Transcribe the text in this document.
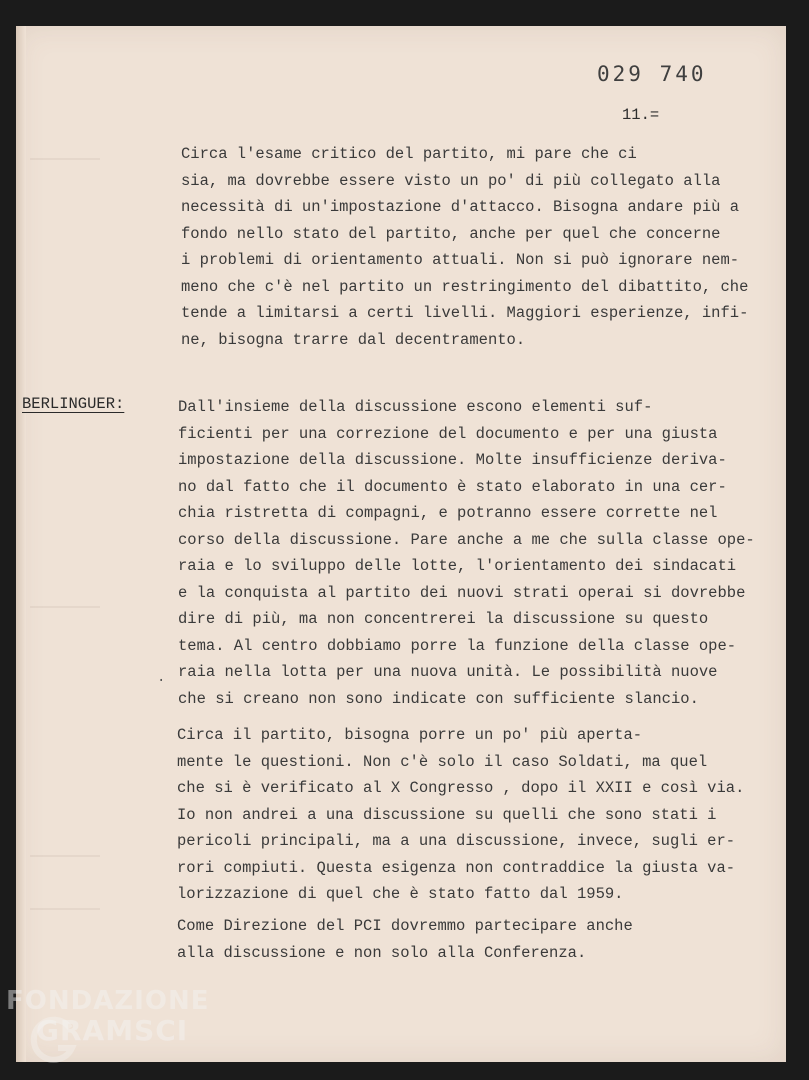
029 740
11.=

Circa l'esame critico del partito, mi pare che ci
sia, ma dovrebbe essere visto un po' di più collegato alla
necessità di un'impostazione d'attacco. Bisogna andare più a
fondo nello stato del partito, anche per quel che concerne
i problemi di orientamento attuali. Non si può ignorare nem-
meno che c'è nel partito un restringimento del dibattito, che
tende a limitarsi a certi livelli. Maggiori esperienze, infi-
ne, bisogna trarre dal decentramento.

BERLINGUER:	Dall'insieme della discussione escono elementi suf-
ficienti per una correzione del documento e per una giusta
impostazione della discussione. Molte insufficienze deriva-
no dal fatto che il documento è stato elaborato in una cer-
chia ristretta di compagni, e potranno essere corrette nel
corso della discussione. Pare anche a me che sulla classe ope-
raia e lo sviluppo delle lotte, l'orientamento dei sindacati
e la conquista al partito dei nuovi strati operai si dovrebbe
dire di più, ma non concentrerei la discussione su questo
tema. Al centro dobbiamo porre la funzione della classe ope-
raia nella lotta per una nuova unità. Le possibilità nuove
che si creano non sono indicate con sufficiente slancio.

·

Circa il partito, bisogna porre un po' più aperta-
mente le questioni. Non c'è solo il caso Soldati, ma quel
che si è verificato al X Congresso , dopo il XXII e così via.
Io non andrei a una discussione su quelli che sono stati i
pericoli principali, ma a una discussione, invece, sugli er-
rori compiuti. Questa esigenza non contraddice la giusta va-
lorizzazione di quel che è stato fatto dal 1959.

Come Direzione del PCI dovremmo partecipare anche
alla discussione e non solo alla Conferenza.

FONDAZIONE
GRAMSCI
